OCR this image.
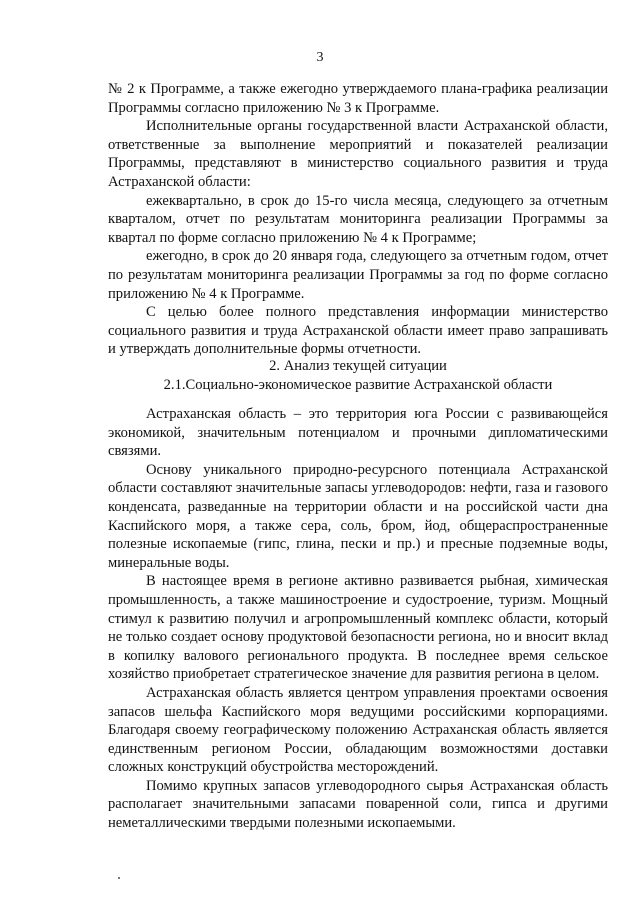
3

№ 2 к Программе, а также ежегодно утверждаемого плана-графика реализации Программы согласно приложению № 3 к Программе.

Исполнительные органы государственной власти Астраханской области, ответственные за выполнение мероприятий и показателей реализации Программы, представляют в министерство социального развития и труда Астраханской области:

ежеквартально, в срок до 15-го числа месяца, следующего за отчетным кварталом, отчет по результатам мониторинга реализации Программы за квартал по форме согласно приложению № 4 к Программе;

ежегодно, в срок до 20 января года, следующего за отчетным годом, отчет по результатам мониторинга реализации Программы за год по форме согласно приложению № 4 к Программе.

С целью более полного представления информации министерство социального развития и труда Астраханской области имеет право запрашивать и утверждать дополнительные формы отчетности.

2. Анализ текущей ситуации

2.1.Социально-экономическое развитие Астраханской области

Астраханская область – это территория юга России с развивающейся экономикой, значительным потенциалом и прочными дипломатическими связями.

Основу уникального природно-ресурсного потенциала Астраханской области составляют значительные запасы углеводородов: нефти, газа и газового конденсата, разведанные на территории области и на российской части дна Каспийского моря, а также сера, соль, бром, йод, общераспространенные полезные ископаемые (гипс, глина, пески и пр.) и пресные подземные воды, минеральные воды.

В настоящее время в регионе активно развивается рыбная, химическая промышленность, а также машиностроение и судостроение, туризм. Мощный стимул к развитию получил и агропромышленный комплекс области, который не только создает основу продуктовой безопасности региона, но и вносит вклад в копилку валового регионального продукта. В последнее время сельское хозяйство приобретает стратегическое значение для развития региона в целом.

Астраханская область является центром управления проектами освоения запасов шельфа Каспийского моря ведущими российскими корпорациями. Благодаря своему географическому положению Астраханская область является единственным регионом России, обладающим возможностями доставки сложных конструкций обустройства месторождений.

Помимо крупных запасов углеводородного сырья Астраханская область располагает значительными запасами поваренной соли, гипса и другими неметаллическими твердыми полезными ископаемыми.
